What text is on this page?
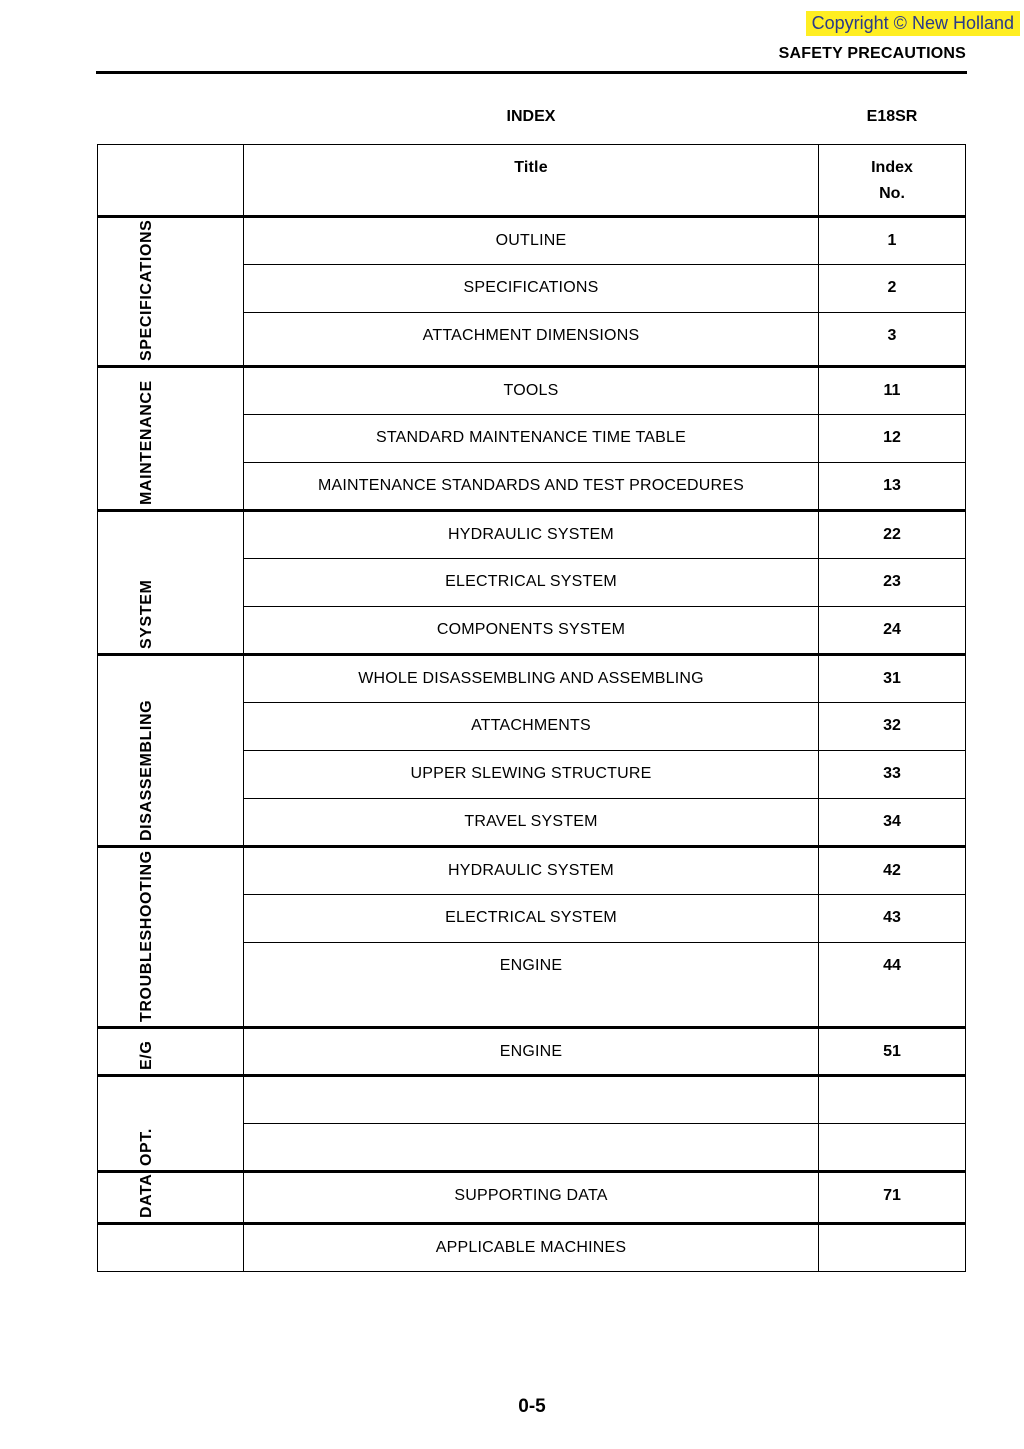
Copyright © New Holland
SAFETY PRECAUTIONS
INDEX	E18SR
	Title	Index
No.

SPECIFICATIONS	OUTLINE	1
	SPECIFICATIONS	2
	ATTACHMENT DIMENSIONS	3

MAINTENANCE	TOOLS	11
	STANDARD MAINTENANCE TIME TABLE	12
	MAINTENANCE STANDARDS AND TEST PROCEDURES	13

SYSTEM	HYDRAULIC SYSTEM	22
	ELECTRICAL SYSTEM	23
	COMPONENTS SYSTEM	24

DISASSEMBLING	WHOLE DISASSEMBLING AND ASSEMBLING	31
	ATTACHMENTS	32
	UPPER SLEWING STRUCTURE	33
	TRAVEL SYSTEM	34

TROUBLESHOOTING	HYDRAULIC SYSTEM	42
	ELECTRICAL SYSTEM	43
	ENGINE	44

E/G	ENGINE	51

OPT.		

DATA	SUPPORTING DATA	71

	APPLICABLE MACHINES	
0-5
